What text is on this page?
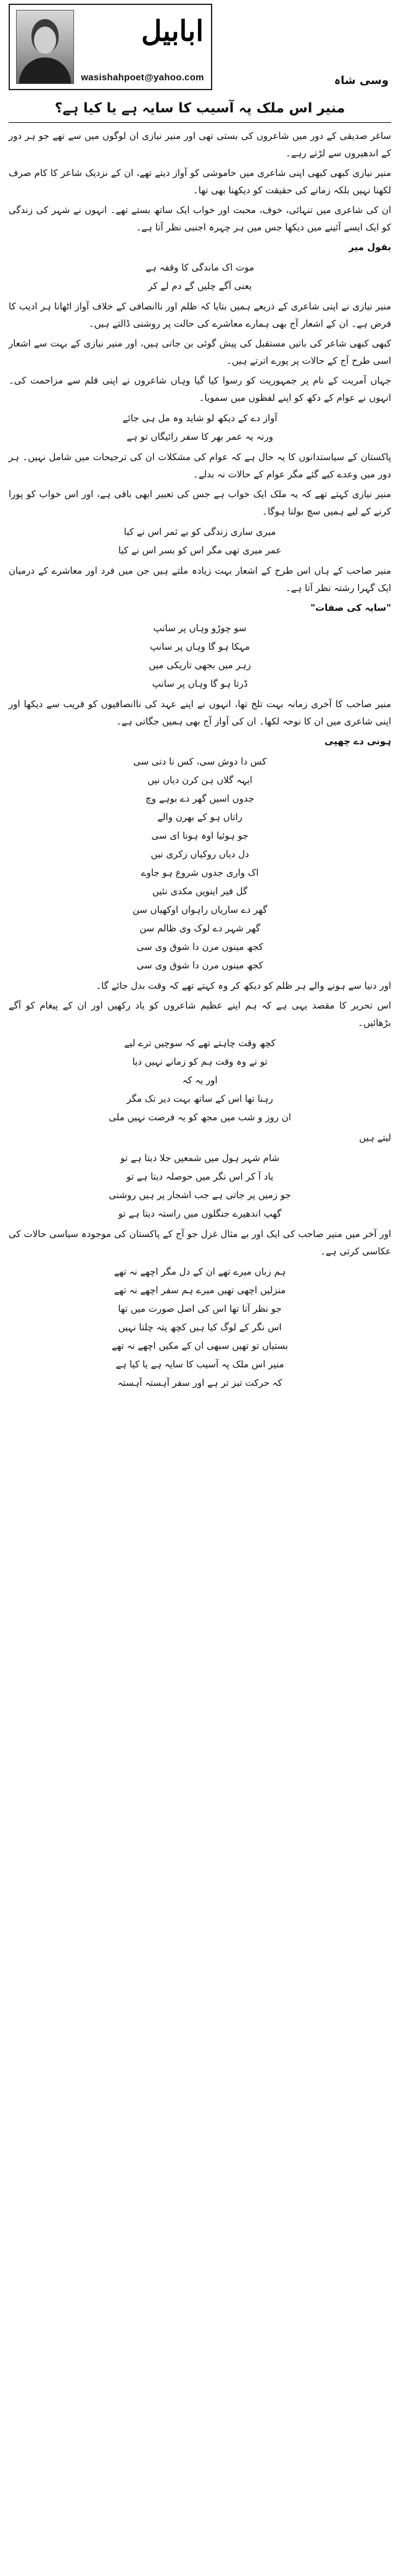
ابابیل
wasishahpoet@yahoo.com	وسی شاہ
منیر اس ملک پہ آسیب کا سایہ ہے یا کیا ہے؟

ساغر صدیقی کے دور میں شاعروں کی بستی تھی اور منیر نیازی ان لوگوں میں سے تھے جو ہر دور کے اندھیروں سے لڑتے رہے۔

منیر نیازی کبھی کبھی اپنی شاعری میں خاموشی کو آواز دیتے تھے، ان کے نزدیک شاعر کا کام صرف لکھنا نہیں بلکہ زمانے کی حقیقت کو دیکھنا بھی تھا۔

ان کی شاعری میں تنہائی، خوف، محبت اور خواب ایک ساتھ بستے تھے۔ انہوں نے شہر کی زندگی کو ایک ایسے آئینے میں دیکھا جس میں ہر چہرہ اجنبی نظر آتا ہے۔

بقول میر

موت اک ماندگی کا وقفہ ہے
یعنی آگے چلیں گے دم لے کر

منیر نیازی نے اپنی شاعری کے ذریعے ہمیں بتایا کہ ظلم اور ناانصافی کے خلاف آواز اٹھانا ہر ادیب کا فرض ہے۔ ان کے اشعار آج بھی ہمارے معاشرے کی حالت پر روشنی ڈالتے ہیں۔

کبھی کبھی شاعر کی باتیں مستقبل کی پیش گوئی بن جاتی ہیں، اور منیر نیازی کے بہت سے اشعار اسی طرح آج کے حالات پر پورے اترتے ہیں۔

جہاں آمریت کے نام پر جمہوریت کو رسوا کیا گیا وہاں شاعروں نے اپنی قلم سے مزاحمت کی۔ انہوں نے عوام کے دکھ کو اپنے لفظوں میں سمویا۔

آواز دے کے دیکھ لو شاید وہ مل ہی جائے
ورنہ یہ عمر بھر کا سفر رائیگاں تو ہے

پاکستان کے سیاستدانوں کا یہ حال ہے کہ عوام کی مشکلات ان کی ترجیحات میں شامل نہیں۔ ہر دور میں وعدے کیے گئے مگر عوام کے حالات نہ بدلے۔

منیر نیازی کہتے تھے کہ یہ ملک ایک خواب ہے جس کی تعبیر ابھی باقی ہے، اور اس خواب کو پورا کرنے کے لیے ہمیں سچ بولنا ہوگا۔

میری ساری زندگی کو بے ثمر اس نے کیا
عمر میری تھی مگر اس کو بسر اس نے کیا

منیر صاحب کے ہاں اس طرح کے اشعار بہت زیادہ ملتے ہیں جن میں فرد اور معاشرے کے درمیان ایک گہرا رشتہ نظر آتا ہے۔

"سایہ کی صفات"

سو چوڑو وہاں پر سانپ
مہکا ہو گا وہاں پر سانپ
زہر میں بجھی تاریکی میں
ڈرتا ہو گا وہاں پر سانپ

منیر صاحب کا آخری زمانہ بہت تلخ تھا، انہوں نے اپنے عہد کی ناانصافیوں کو قریب سے دیکھا اور اپنی شاعری میں ان کا نوحہ لکھا۔ ان کی آواز آج بھی ہمیں جگاتی ہے۔

ہونی دے چھپی

کس دا دوش سی، کس نا دتی سی
ایہہ گلاں ہن کرن دیاں نیں
جدوں اسیں گھر دے بوہے وچ
راتاں ہو کے بھرن والے
جو ہوئیا اوہ ہونا ای سی
دل دیاں روکیاں زکری نیں
اک واری جدوں شروع ہو جاوے
گل فیر اینویں مکدی نئیں
گھر دے ساریاں راہواں اوکھیاں سن
گھر شہر دے لوک وی ظالم سن
کجھ مینوں مرن دا شوق وی سی
کجھ مینوں مرن دا شوق وی سی

اور دنیا سے ہونے والے ہر ظلم کو دیکھ کر وہ کہتے تھے کہ وقت بدل جائے گا۔

اس تحریر کا مقصد یہی ہے کہ ہم اپنے عظیم شاعروں کو یاد رکھیں اور ان کے پیغام کو آگے بڑھائیں۔

کچھ وقت چاہتے تھے کہ سوچیں ترے لیے
تو نے وہ وقت ہم کو زمانے نہیں دیا
اور یہ کہ
رہنا تھا اس کے ساتھ بہت دیر تک مگر
ان روز و شب میں مجھ کو یہ فرصت نہیں ملی

لیتے ہیں

شام شہر ہول میں شمعیں جلا دیتا ہے تو
یاد آ کر اس نگر میں حوصلہ دیتا ہے تو
جو زمیں پر جاتی ہے جب اشجار پر ہیں روشنی
گھپ اندھیرے جنگلوں میں راستہ دیتا ہے تو

اور آخر میں منیر صاحب کی ایک اور بے مثال غزل جو آج کے پاکستان کی موجودہ سیاسی حالات کی عکاسی کرتی ہے۔

ہم زباں میرے تھے ان کے دل مگر اچھے نہ تھے
منزلیں اچھی تھیں میرے ہم سفر اچھے نہ تھے
جو نظر آتا تھا اس کی اصل صورت میں تھا
اس نگر کے لوگ کیا ہیں کچھ پتہ چلتا نہیں
بستیاں تو تھیں سبھی ان کے مکیں اچھے نہ تھے
منیر اس ملک پہ آسیب کا سایہ ہے یا کیا ہے
کہ حرکت تیز تر ہے اور سفر آہستہ آہستہ
